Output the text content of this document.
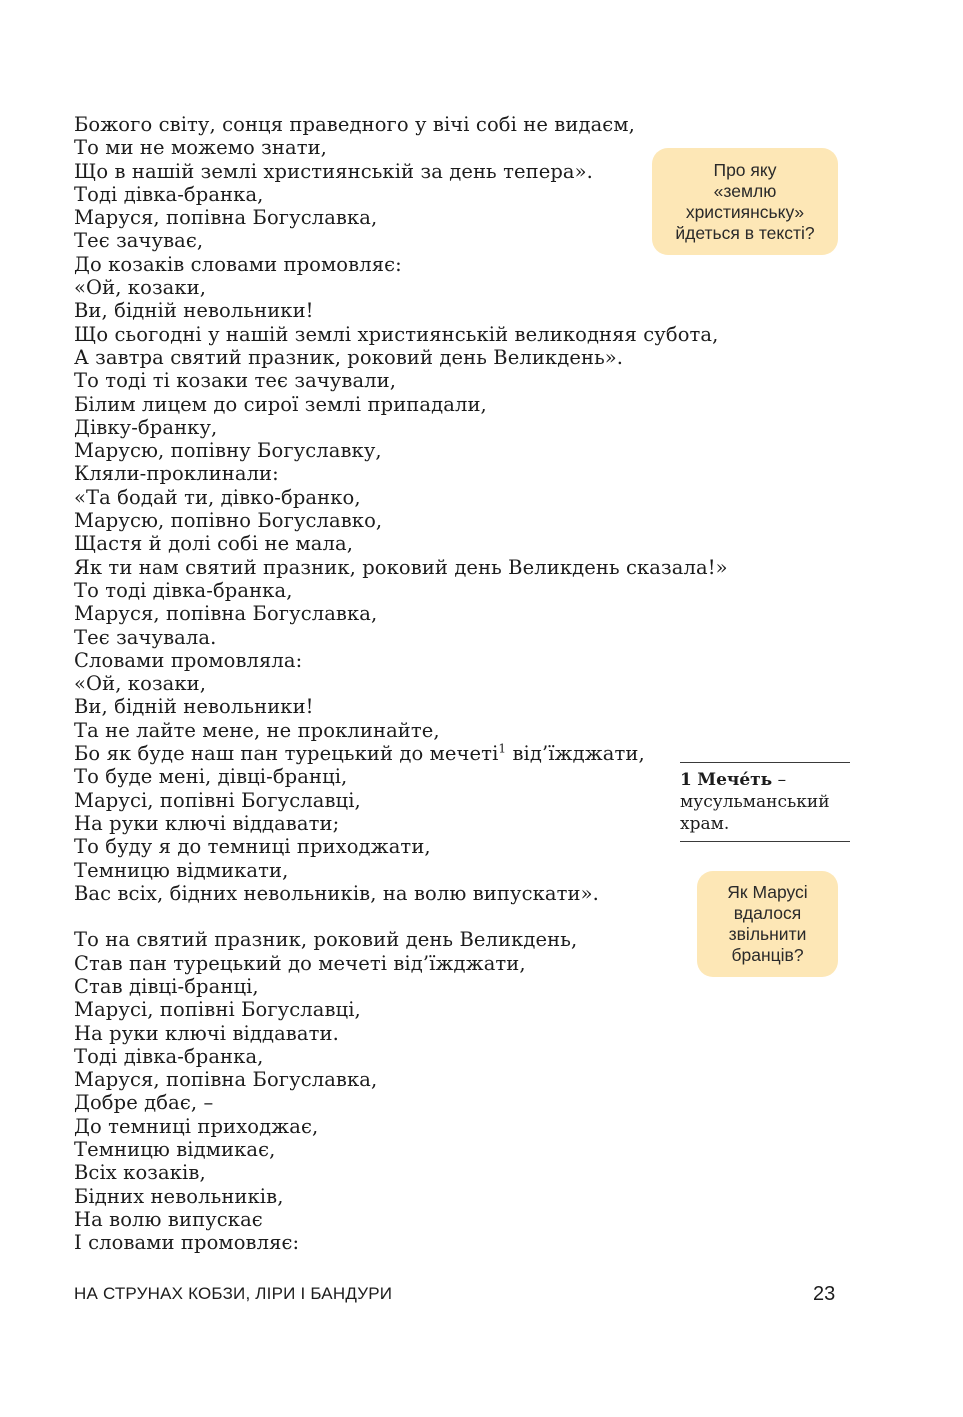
Божого світу, сонця праведного у вічі собі не видаєм,
То ми не можемо знати,
Що в нашій землі християнській за день тепера».
Тоді дівка-бранка,
Маруся, попівна Богуславка,
Теє зачуває,
До козаків словами промовляє:
«Ой, козаки,
Ви, бідній невольники!
Що сьогодні у нашій землі християнській великодняя субота,
А завтра святий празник, роковий день Великдень».
То тоді ті козаки теє зачували,
Білим лицем до сирої землі припадали,
Дівку-бранку,
Марусю, попівну Богуславку,
Кляли-проклинали:
«Та бодай ти, дівко-бранко,
Марусю, попівно Богуславко,
Щастя й долі собі не мала,
Як ти нам святий празник, роковий день Великдень сказала!»
То тоді дівка-бранка,
Маруся, попівна Богуславка,
Теє зачувала.
Словами промовляла:
«Ой, козаки,
Ви, бідній невольники!
Та не лайте мене, не проклинайте,
Бо як буде наш пан турецький до мечеті$^1$ від’їжджати,
То буде мені, дівці-бранці,
Марусі, попівні Богуславці,
На руки ключі віддавати;
То буду я до темниці приходжати,
Темницю відмикати,
Вас всіх, бідних невольників, на волю випускати».
То на святий празник, роковий день Великдень,
Став пан турецький до мечеті від’їжджати,
Став дівці-бранці,
Марусі, попівні Богуславці,
На руки ключі віддавати.
Тоді дівка-бранка,
Маруся, попівна Богуславка,
Добре дбає, –
До темниці приходжає,
Темницю відмикає,
Всіх козаків,
Бідних невольників,
На волю випускає
І словами промовляє:
Про яку
«землю
християнську»
йдеться в тексті?
1 Мече́ть –
мусульманський
храм.
Як Марусі
вдалося
звільнити
бранців?
НА СТРУНАХ КОБЗИ, ЛІРИ І БАНДУРИ	23
